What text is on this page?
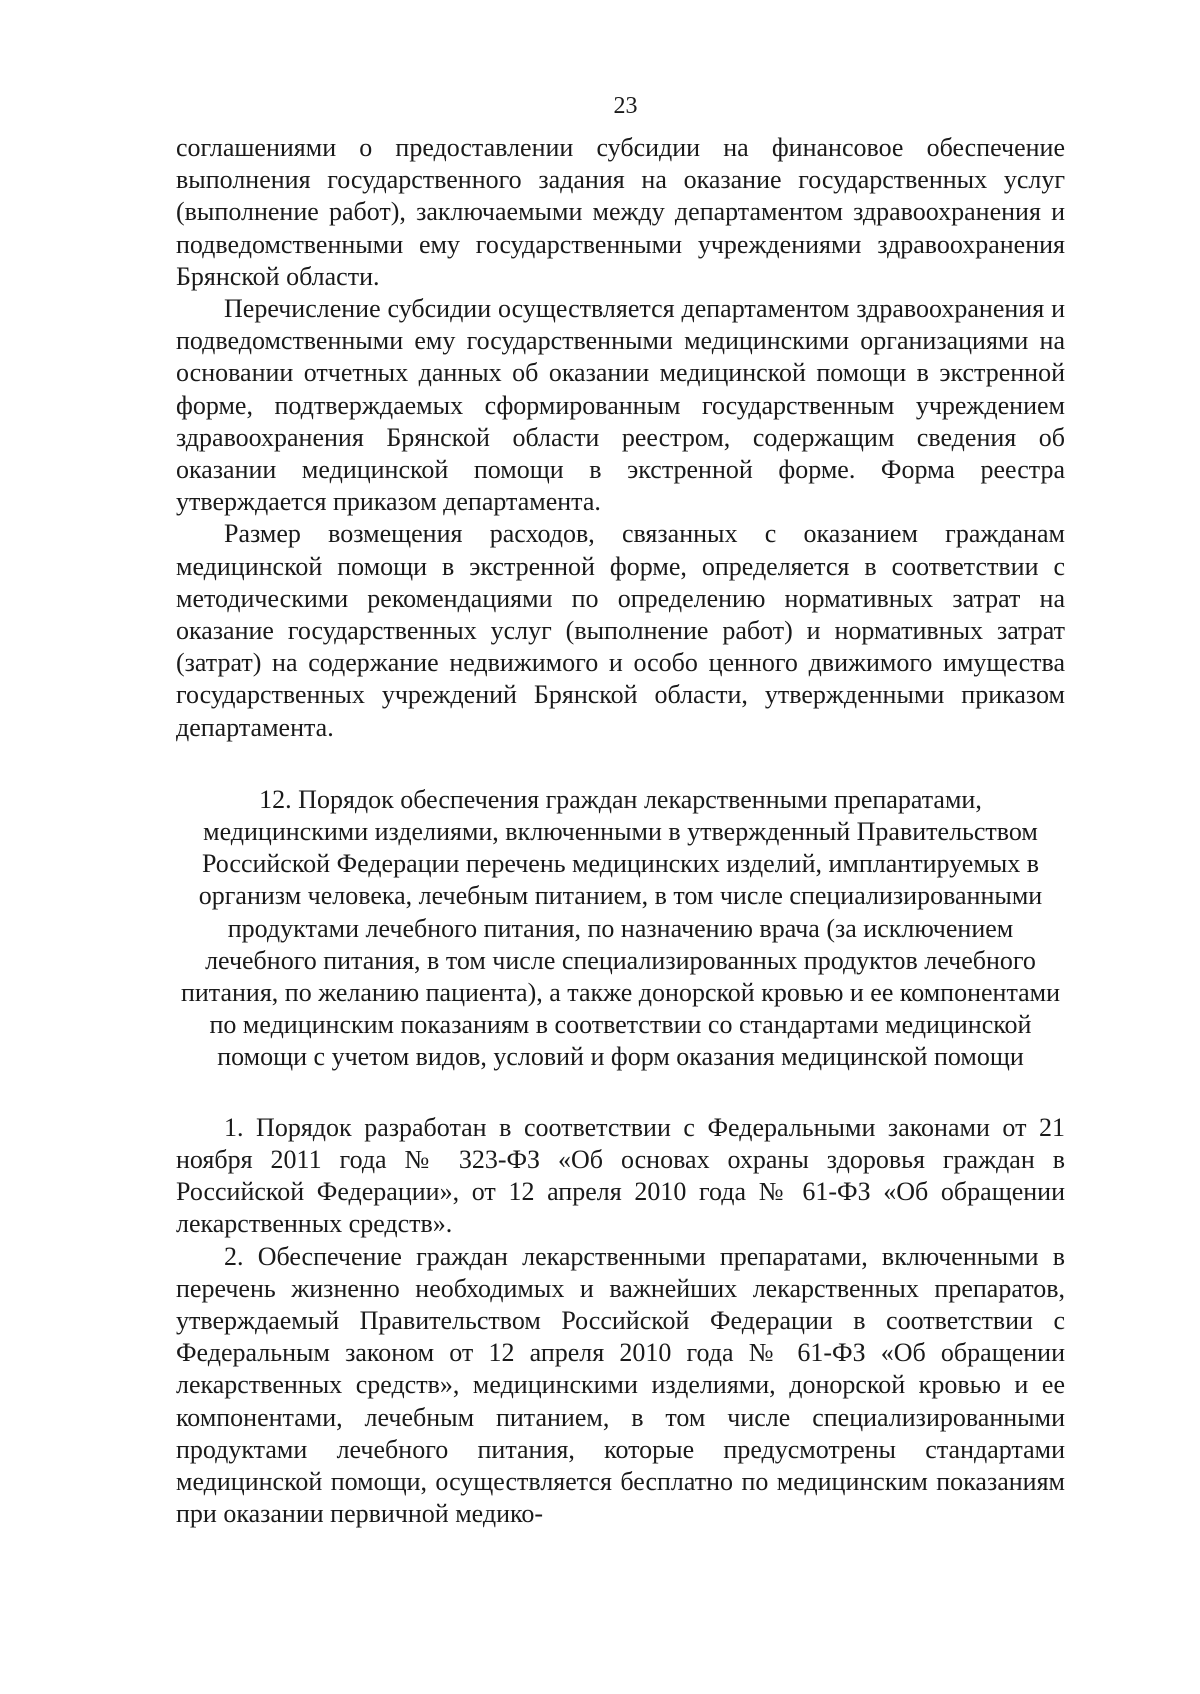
23

соглашениями о предоставлении субсидии на финансовое обеспечение выполнения государственного задания на оказание государственных услуг (выполнение работ), заключаемыми между департаментом здравоохранения и подведомственными ему государственными учреждениями здравоохранения Брянской области.

Перечисление субсидии осуществляется департаментом здравоохранения и подведомственными ему государственными медицинскими организациями на основании отчетных данных об оказании медицинской помощи в экстренной форме, подтверждаемых сформированным государственным учреждением здравоохранения Брянской области реестром, содержащим сведения об оказании медицинской помощи в экстренной форме. Форма реестра утверждается приказом департамента.

Размер возмещения расходов, связанных с оказанием гражданам медицинской помощи в экстренной форме, определяется в соответствии с методическими рекомендациями по определению нормативных затрат на оказание государственных услуг (выполнение работ) и нормативных затрат (затрат) на содержание недвижимого и особо ценного движимого имущества государственных учреждений Брянской области, утвержденными приказом департамента.

12. Порядок обеспечения граждан лекарственными препаратами, медицинскими изделиями, включенными в утвержденный Правительством Российской Федерации перечень медицинских изделий, имплантируемых в организм человека, лечебным питанием, в том числе специализированными продуктами лечебного питания, по назначению врача (за исключением лечебного питания, в том числе специализированных продуктов лечебного питания, по желанию пациента), а также донорской кровью и ее компонентами по медицинским показаниям в соответствии со стандартами медицинской помощи с учетом видов, условий и форм оказания медицинской помощи

1. Порядок разработан в соответствии с Федеральными законами от 21 ноября 2011 года № 323-ФЗ «Об основах охраны здоровья граждан в Российской Федерации», от 12 апреля 2010 года № 61-ФЗ «Об обращении лекарственных средств».

2. Обеспечение граждан лекарственными препаратами, включенными в перечень жизненно необходимых и важнейших лекарственных препаратов, утверждаемый Правительством Российской Федерации в соответствии с Федеральным законом от 12 апреля 2010 года № 61-ФЗ «Об обращении лекарственных средств», медицинскими изделиями, донорской кровью и ее компонентами, лечебным питанием, в том числе специализированными продуктами лечебного питания, которые предусмотрены стандартами медицинской помощи, осуществляется бесплатно по медицинским показаниям при оказании первичной медико-
